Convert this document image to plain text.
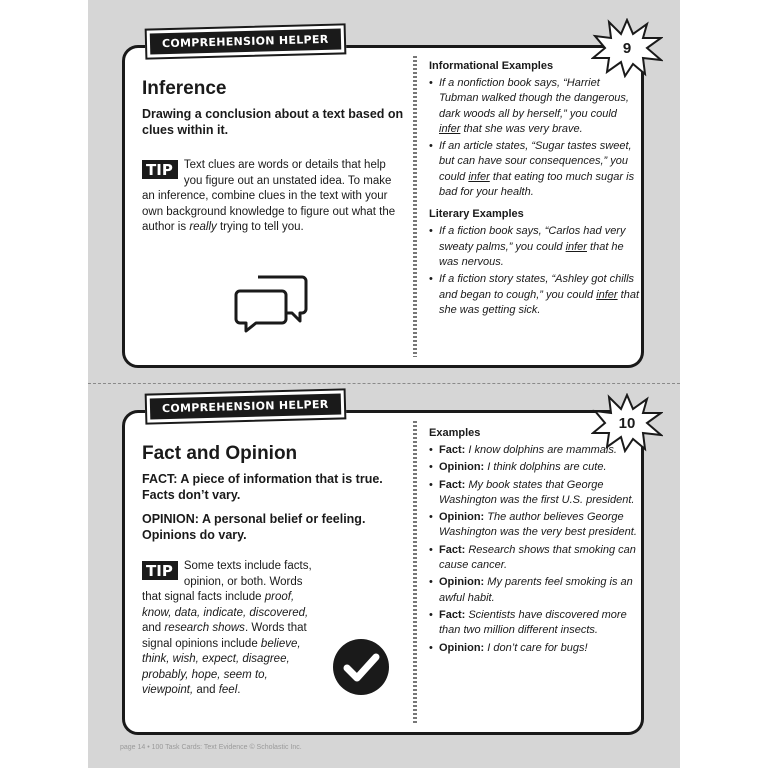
COMPREHENSION HELPER	9
Inference
Drawing a conclusion about a text based on clues within it.
TIP Text clues are words or details that help you figure out an unstated idea. To make an inference, combine clues in the text with your own background knowledge to figure out what the author is really trying to tell you.
Informational Examples
• If a nonfiction book says, “Harriet Tubman walked though the dangerous, dark woods all by herself,” you could infer that she was very brave.
• If an article states, “Sugar tastes sweet, but can have sour consequences,” you could infer that eating too much sugar is bad for your health.
Literary Examples
• If a fiction book says, “Carlos had very sweaty palms,” you could infer that he was nervous.
• If a fiction story states, “Ashley got chills and began to cough,” you could infer that she was getting sick.
COMPREHENSION HELPER
10
Fact and Opinion
FACT: A piece of information that is true. Facts don’t vary.
OPINION: A personal belief or feeling. Opinions do vary.
TIP Some texts include facts, opinion, or both. Words that signal facts include proof, know, data, indicate, discovered, and research shows. Words that signal opinions include believe, think, wish, expect, disagree, probably, hope, seem to, viewpoint, and feel.
Examples
• Fact: I know dolphins are mammals.
• Opinion: I think dolphins are cute.
• Fact: My book states that George Washington was the first U.S. president.
• Opinion: The author believes George Washington was the very best president.
• Fact: Research shows that smoking can cause cancer.
• Opinion: My parents feel smoking is an awful habit.
• Fact: Scientists have discovered more than two million different insects.
• Opinion: I don’t care for bugs!
page 14 • 100 Task Cards: Text Evidence © Scholastic Inc.
